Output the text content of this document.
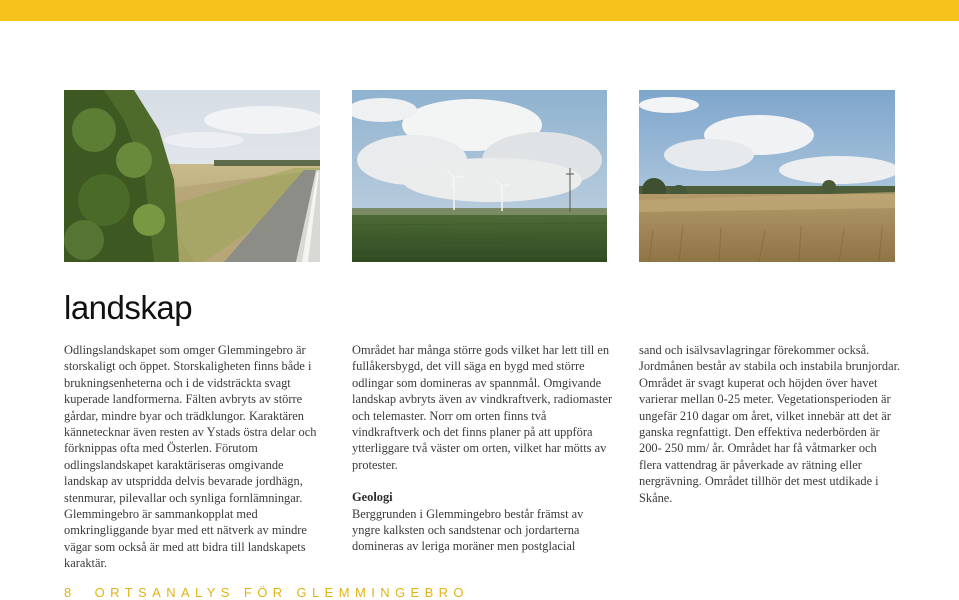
landskap

Odlingslandskapet som omger Glemmingebro är storskaligt och öppet. Storskaligheten finns både i brukningsenheterna och i de vidsträckta svagt kuperade landformerna. Fälten avbryts av större gårdar, mindre byar och trädklungor. Karaktären kännetecknar även resten av Ystads östra delar och förknippas ofta med Österlen. Förutom odlingslandskapet karaktäriseras omgivande landskap av utspridda delvis bevarade jordhägn, stenmurar, pilevallar och synliga fornlämningar. Glemmingebro är sammankopplat med omkringliggande byar med ett nätverk av mindre vägar som också är med att bidra till landskapets karaktär.

Området har många större gods vilket har lett till en fullåkersbygd, det vill säga en bygd med större odlingar som domineras av spannmål. Omgivande landskap avbryts även av vindkraftverk, radiomaster och telemaster. Norr om orten finns två vindkraftverk och det finns planer på att uppföra ytterliggare två väster om orten, vilket har mötts av protester.

Geologi

Berggrunden i Glemmingebro består främst av yngre kalksten och sandstenar och jordarterna domineras av leriga moräner men postglacial

sand och isälvsavlagringar förekommer också. Jordmånen består av stabila och instabila brunjordar. Området är svagt kuperat och höjden över havet varierar mellan 0-25 meter. Vegetationsperioden är ungefär 210 dagar om året, vilket innebär att det är ganska regnfattigt. Den effektiva nederbörden är 200- 250 mm/ år. Området har få våtmarker och flera vattendrag är påverkade av rätning eller nergrävning. Området tillhör det mest utdikade i Skåne.

8 ORTSANALYS FÖR GLEMMINGEBRO
